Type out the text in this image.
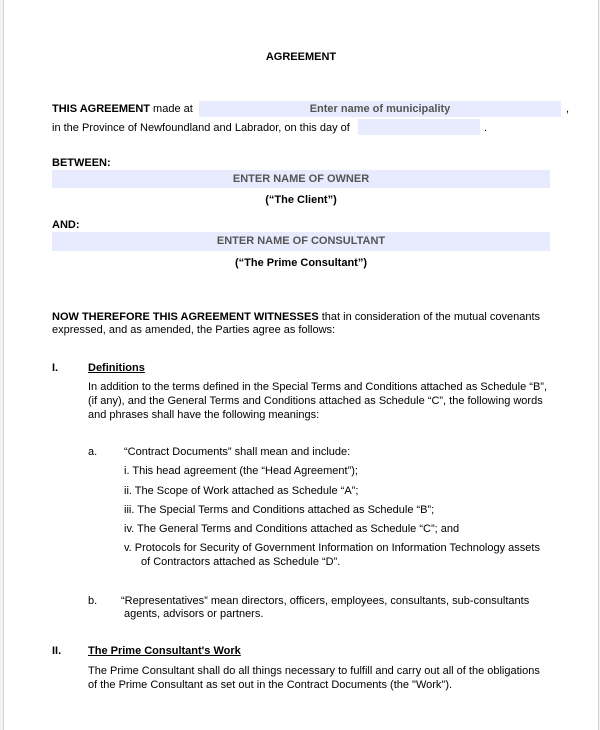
AGREEMENT
THIS AGREEMENT made at	Enter name of municipality	,
in the Province of Newfoundland and Labrador, on this day of	.
BETWEEN:
ENTER NAME OF OWNER
(“The Client”)
AND:
ENTER NAME OF CONSULTANT
(“The Prime Consultant”)
NOW THEREFORE THIS AGREEMENT WITNESSES that in consideration of the mutual covenants
expressed, and as amended, the Parties agree as follows:
I.	Definitions
In addition to the terms defined in the Special Terms and Conditions attached as Schedule “B”,
(if any), and the General Terms and Conditions attached as Schedule “C”, the following words
and phrases shall have the following meanings:
a. “Contract Documents” shall mean and include:
i. This head agreement (the “Head Agreement”);
ii. The Scope of Work attached as Schedule “A”;
iii. The Special Terms and Conditions attached as Schedule “B”;
iv. The General Terms and Conditions attached as Schedule “C”; and
v. Protocols for Security of Government Information on Information Technology assets
of Contractors attached as Schedule “D”.
b. “Representatives” mean directors, officers, employees, consultants, sub-consultants
agents, advisors or partners.
II. The Prime Consultant's Work
The Prime Consultant shall do all things necessary to fulfill and carry out all of the obligations
of the Prime Consultant as set out in the Contract Documents (the "Work").
